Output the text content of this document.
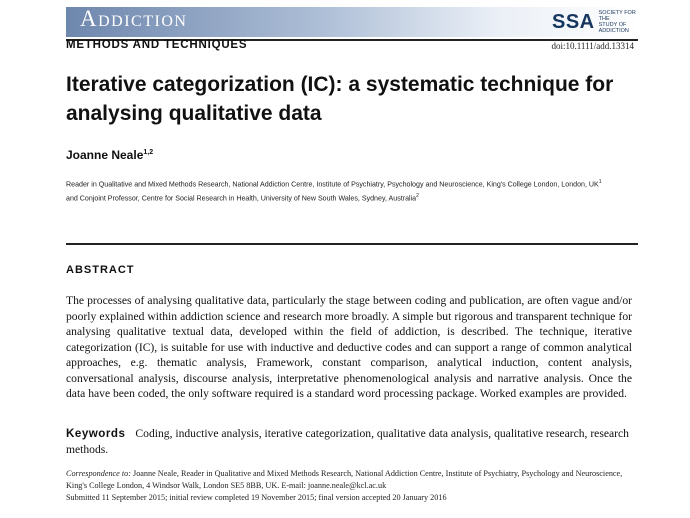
Addiction	SSA SOCIETY FOR THE
STUDY OF
ADDICTION
METHODS AND TECHNIQUES	doi:10.1111/add.13314
Iterative categorization (IC): a systematic technique for analysing qualitative data
Joanne Neale$^{1,2}$
Reader in Qualitative and Mixed Methods Research, National Addiction Centre, Institute of Psychiatry, Psychology and Neuroscience, King's College London, London, $UK^1$
and Conjoint Professor, Centre for Social Research in Health, University of New South Wales, Sydney, Australia$^2$
ABSTRACT

The processes of analysing qualitative data, particularly the stage between coding and publication, are often vague and/or poorly explained within addiction science and research more broadly. A simple but rigorous and transparent technique for analysing qualitative textual data, developed within the field of addiction, is described. The technique, iterative categorization (IC), is suitable for use with inductive and deductive codes and can support a range of common analytical approaches, e.g. thematic analysis, Framework, constant comparison, analytical induction, content analysis, conversational analysis, discourse analysis, interpretative phenomenological analysis and narrative analysis. Once the data have been coded, the only software required is a standard word processing package. Worked examples are provided.

Keywords Coding, inductive analysis, iterative categorization, qualitative data analysis, qualitative research, research methods.

Correspondence to: Joanne Neale, Reader in Qualitative and Mixed Methods Research, National Addiction Centre, Institute of Psychiatry, Psychology and Neuroscience, King's College London, 4 Windsor Walk, London SE5 8BB, UK. E-mail: joanne.neale@kcl.ac.uk
Submitted 11 September 2015; initial review completed 19 November 2015; final version accepted 20 January 2016
